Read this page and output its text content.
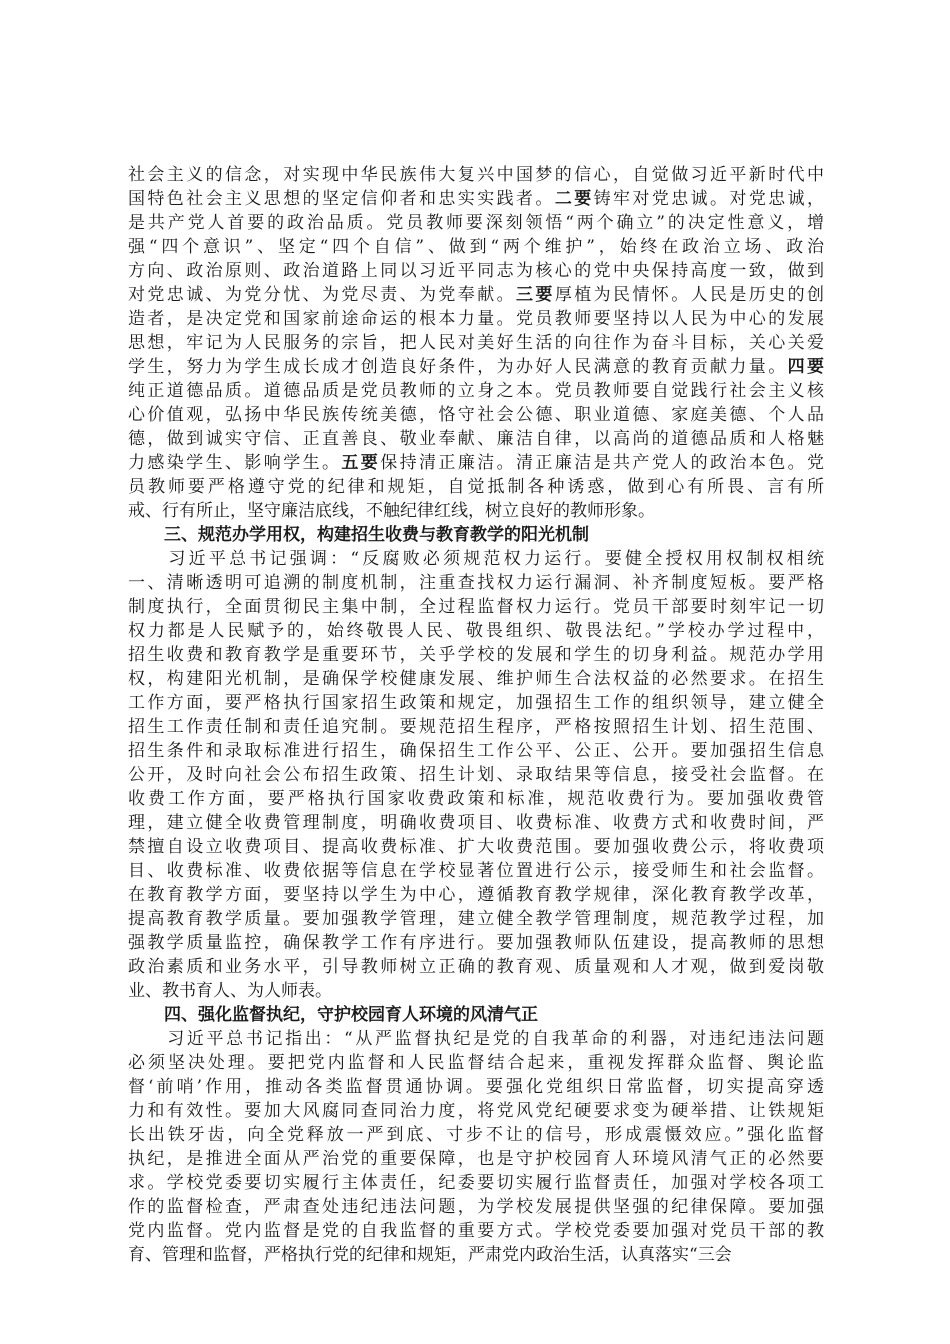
社会主义的信念，对实现中华民族伟大复兴中国梦的信心，自觉做习近平新时代中
国特色社会主义思想的坚定信仰者和忠实实践者。二要铸牢对党忠诚。对党忠诚，
是共产党人首要的政治品质。党员教师要深刻领悟“两个确立”的决定性意义，增
强“四个意识”、坚定“四个自信”、做到“两个维护”，始终在政治立场、政治
方向、政治原则、政治道路上同以习近平同志为核心的党中央保持高度一致，做到
对党忠诚、为党分忧、为党尽责、为党奉献。三要厚植为民情怀。人民是历史的创
造者，是决定党和国家前途命运的根本力量。党员教师要坚持以人民为中心的发展
思想，牢记为人民服务的宗旨，把人民对美好生活的向往作为奋斗目标，关心关爱
学生，努力为学生成长成才创造良好条件，为办好人民满意的教育贡献力量。四要
纯正道德品质。道德品质是党员教师的立身之本。党员教师要自觉践行社会主义核
心价值观，弘扬中华民族传统美德，恪守社会公德、职业道德、家庭美德、个人品
德，做到诚实守信、正直善良、敬业奉献、廉洁自律，以高尚的道德品质和人格魅
力感染学生、影响学生。五要保持清正廉洁。清正廉洁是共产党人的政治本色。党
员教师要严格遵守党的纪律和规矩，自觉抵制各种诱惑，做到心有所畏、言有所
戒、行有所止，坚守廉洁底线，不触纪律红线，树立良好的教师形象。
三、规范办学用权，构建招生收费与教育教学的阳光机制
　　习近平总书记强调：“反腐败必须规范权力运行。要健全授权用权制权相统
一、清晰透明可追溯的制度机制，注重查找权力运行漏洞、补齐制度短板。要严格
制度执行，全面贯彻民主集中制，全过程监督权力运行。党员干部要时刻牢记一切
权力都是人民赋予的，始终敬畏人民、敬畏组织、敬畏法纪。”学校办学过程中，
招生收费和教育教学是重要环节，关乎学校的发展和学生的切身利益。规范办学用
权，构建阳光机制，是确保学校健康发展、维护师生合法权益的必然要求。在招生
工作方面，要严格执行国家招生政策和规定，加强招生工作的组织领导，建立健全
招生工作责任制和责任追究制。要规范招生程序，严格按照招生计划、招生范围、
招生条件和录取标准进行招生，确保招生工作公平、公正、公开。要加强招生信息
公开，及时向社会公布招生政策、招生计划、录取结果等信息，接受社会监督。在
收费工作方面，要严格执行国家收费政策和标准，规范收费行为。要加强收费管
理，建立健全收费管理制度，明确收费项目、收费标准、收费方式和收费时间，严
禁擅自设立收费项目、提高收费标准、扩大收费范围。要加强收费公示，将收费项
目、收费标准、收费依据等信息在学校显著位置进行公示，接受师生和社会监督。
在教育教学方面，要坚持以学生为中心，遵循教育教学规律，深化教育教学改革，
提高教育教学质量。要加强教学管理，建立健全教学管理制度，规范教学过程，加
强教学质量监控，确保教学工作有序进行。要加强教师队伍建设，提高教师的思想
政治素质和业务水平，引导教师树立正确的教育观、质量观和人才观，做到爱岗敬
业、教书育人、为人师表。
四、强化监督执纪，守护校园育人环境的风清气正
　　习近平总书记指出：“从严监督执纪是党的自我革命的利器，对违纪违法问题
必须坚决处理。要把党内监督和人民监督结合起来，重视发挥群众监督、舆论监
督‘前哨’作用，推动各类监督贯通协调。要强化党组织日常监督，切实提高穿透
力和有效性。要加大风腐同查同治力度，将党风党纪硬要求变为硬举措、让铁规矩
长出铁牙齿，向全党释放一严到底、寸步不让的信号，形成震慑效应。”强化监督
执纪，是推进全面从严治党的重要保障，也是守护校园育人环境风清气正的必然要
求。学校党委要切实履行主体责任，纪委要切实履行监督责任，加强对学校各项工
作的监督检查，严肃查处违纪违法问题，为学校发展提供坚强的纪律保障。要加强
党内监督。党内监督是党的自我监督的重要方式。学校党委要加强对党员干部的教
育、管理和监督，严格执行党的纪律和规矩，严肃党内政治生活，认真落实“三会
